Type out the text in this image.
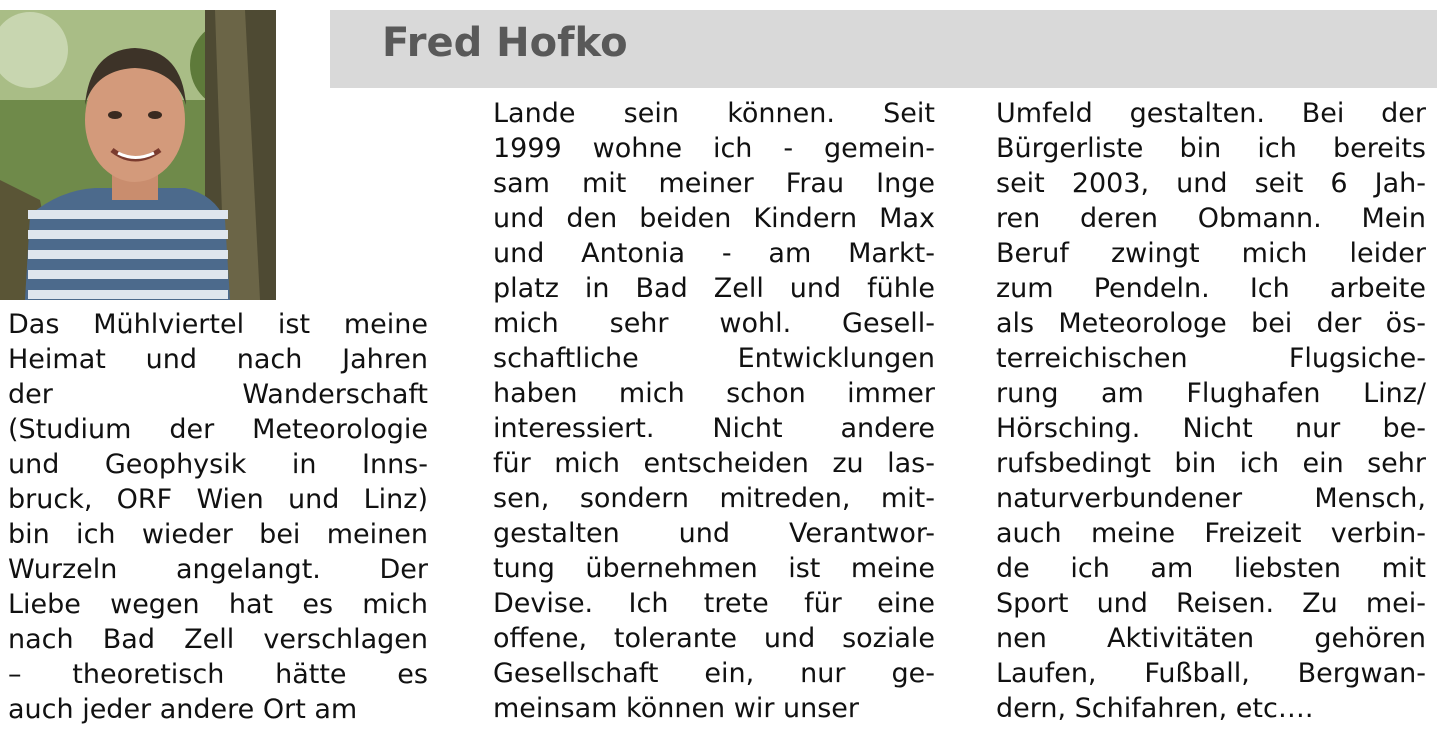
Fred Hofko
Das Mühlviertel ist meine
Heimat und nach Jahren
der Wanderschaft
(Studium der Meteorologie
und Geophysik in Inns-
bruck, ORF Wien und Linz)
bin ich wieder bei meinen
Wurzeln angelangt. Der
Liebe wegen hat es mich
nach Bad Zell verschlagen
– theoretisch hätte es
auch jeder andere Ort am
Lande sein können. Seit
1999 wohne ich - gemein-
sam mit meiner Frau Inge
und den beiden Kindern Max
und Antonia - am Markt-
platz in Bad Zell und fühle
mich sehr wohl. Gesell-
schaftliche Entwicklungen
haben mich schon immer
interessiert. Nicht andere
für mich entscheiden zu las-
sen, sondern mitreden, mit-
gestalten und Verantwor-
tung übernehmen ist meine
Devise. Ich trete für eine
offene, tolerante und soziale
Gesellschaft ein, nur ge-
meinsam können wir unser
Umfeld gestalten. Bei der
Bürgerliste bin ich bereits
seit 2003, und seit 6 Jah-
ren deren Obmann. Mein
Beruf zwingt mich leider
zum Pendeln. Ich arbeite
als Meteorologe bei der ös-
terreichischen Flugsiche-
rung am Flughafen Linz/
Hörsching. Nicht nur be-
rufsbedingt bin ich ein sehr
naturverbundener Mensch,
auch meine Freizeit verbin-
de ich am liebsten mit
Sport und Reisen. Zu mei-
nen Aktivitäten gehören
Laufen, Fußball, Bergwan-
dern, Schifahren, etc….
